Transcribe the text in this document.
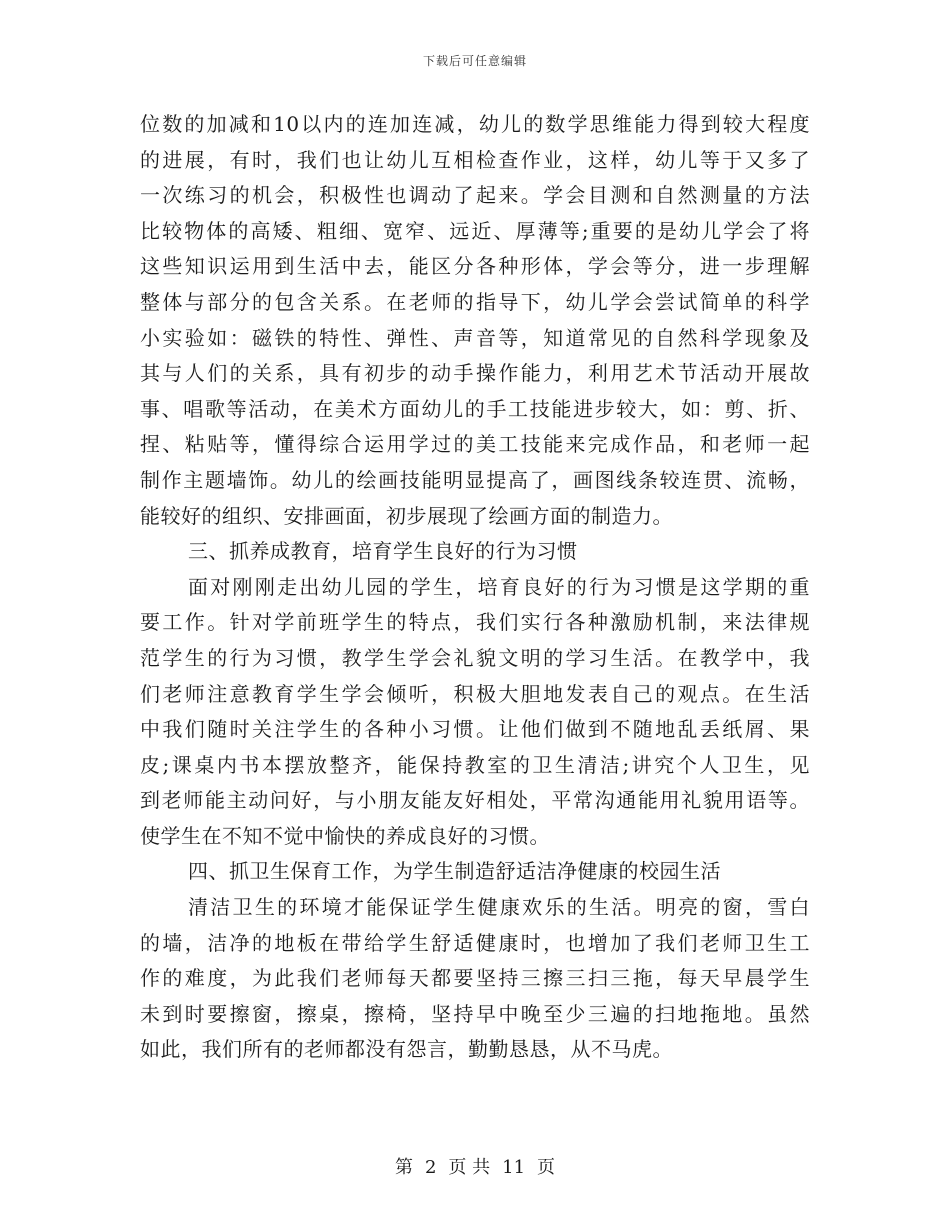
下载后可任意编辑
位数的加减和10以内的连加连减，幼儿的数学思维能力得到较大程度
的进展，有时，我们也让幼儿互相检查作业，这样，幼儿等于又多了
一次练习的机会，积极性也调动了起来。学会目测和自然测量的方法
比较物体的高矮、粗细、宽窄、远近、厚薄等;重要的是幼儿学会了将
这些知识运用到生活中去，能区分各种形体，学会等分，进一步理解
整体与部分的包含关系。在老师的指导下，幼儿学会尝试简单的科学
小实验如：磁铁的特性、弹性、声音等，知道常见的自然科学现象及
其与人们的关系，具有初步的动手操作能力，利用艺术节活动开展故
事、唱歌等活动，在美术方面幼儿的手工技能进步较大，如：剪、折、
捏、粘贴等，懂得综合运用学过的美工技能来完成作品，和老师一起
制作主题墙饰。幼儿的绘画技能明显提高了，画图线条较连贯、流畅，
能较好的组织、安排画面，初步展现了绘画方面的制造力。
三、抓养成教育，培育学生良好的行为习惯
面对刚刚走出幼儿园的学生，培育良好的行为习惯是这学期的重
要工作。针对学前班学生的特点，我们实行各种激励机制，来法律规
范学生的行为习惯，教学生学会礼貌文明的学习生活。在教学中，我
们老师注意教育学生学会倾听，积极大胆地发表自己的观点。在生活
中我们随时关注学生的各种小习惯。让他们做到不随地乱丢纸屑、果
皮;课桌内书本摆放整齐，能保持教室的卫生清洁;讲究个人卫生，见
到老师能主动问好，与小朋友能友好相处，平常沟通能用礼貌用语等。
使学生在不知不觉中愉快的养成良好的习惯。
四、抓卫生保育工作，为学生制造舒适洁净健康的校园生活
清洁卫生的环境才能保证学生健康欢乐的生活。明亮的窗，雪白
的墙，洁净的地板在带给学生舒适健康时，也增加了我们老师卫生工
作的难度，为此我们老师每天都要坚持三擦三扫三拖，每天早晨学生
未到时要擦窗，擦桌，擦椅，坚持早中晚至少三遍的扫地拖地。虽然
如此，我们所有的老师都没有怨言，勤勤恳恳，从不马虎。
第 2 页 共 11 页
